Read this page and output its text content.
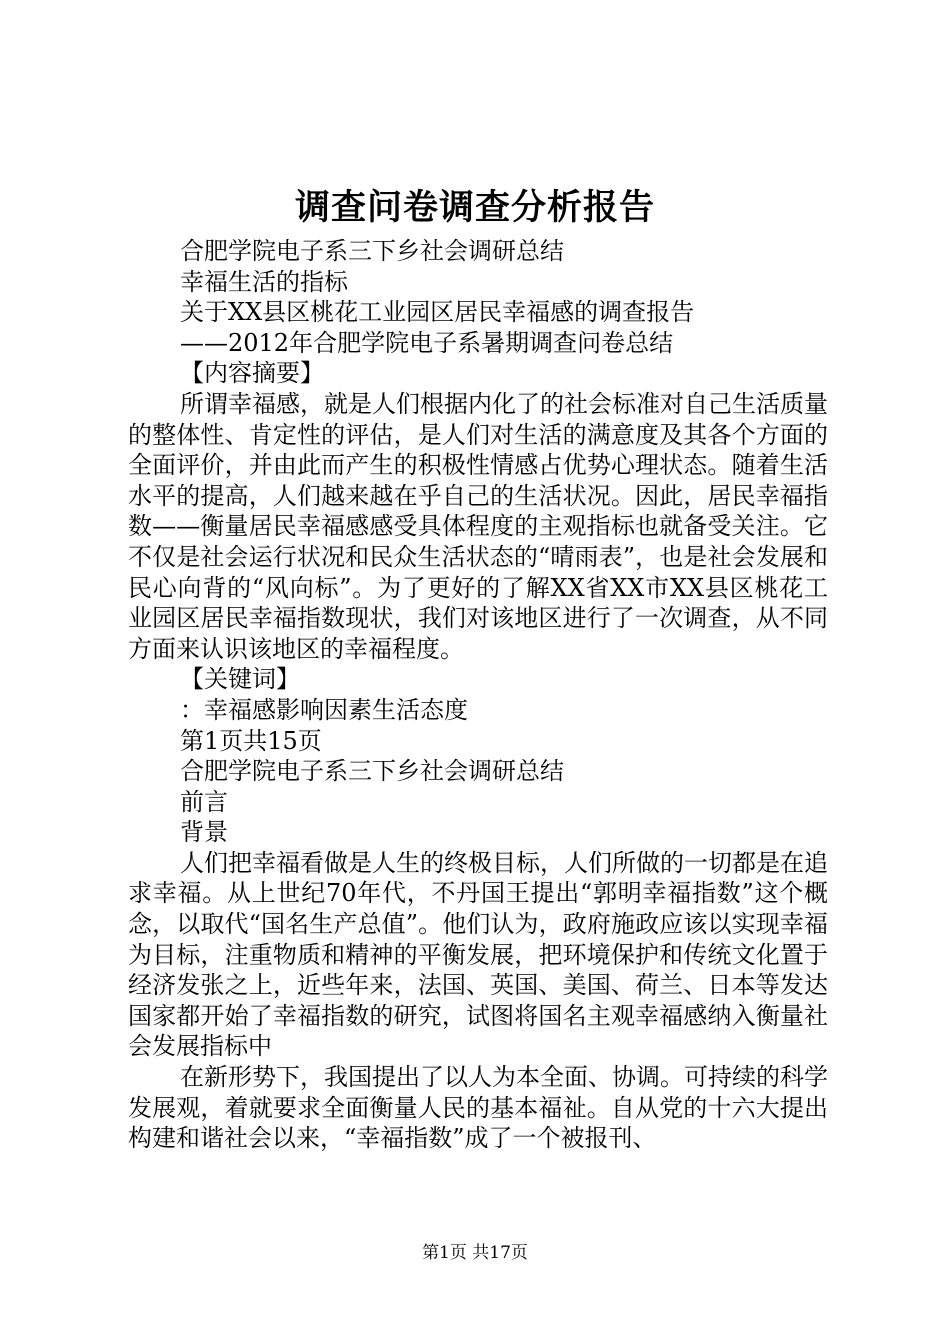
调查问卷调查分析报告

合肥学院电子系三下乡社会调研总结

幸福生活的指标

关于XX县区桃花工业园区居民幸福感的调查报告

——2012年合肥学院电子系暑期调查问卷总结

【内容摘要】

所谓幸福感，就是人们根据内化了的社会标准对自己生活质量的整体性、肯定性的评估，是人们对生活的满意度及其各个方面的全面评价，并由此而产生的积极性情感占优势心理状态。随着生活水平的提高，人们越来越在乎自己的生活状况。因此，居民幸福指数——衡量居民幸福感感受具体程度的主观指标也就备受关注。它不仅是社会运行状况和民众生活状态的“晴雨表”，也是社会发展和民心向背的“风向标”。为了更好的了解XX省XX市XX县区桃花工业园区居民幸福指数现状，我们对该地区进行了一次调查，从不同方面来认识该地区的幸福程度。

【关键词】

：幸福感影响因素生活态度

第1页共15页

合肥学院电子系三下乡社会调研总结

前言

背景

人们把幸福看做是人生的终极目标，人们所做的一切都是在追求幸福。从上世纪70年代，不丹国王提出“郭明幸福指数”这个概念，以取代“国名生产总值”。他们认为，政府施政应该以实现幸福为目标，注重物质和精神的平衡发展，把环境保护和传统文化置于经济发张之上，近些年来，法国、英国、美国、荷兰、日本等发达国家都开始了幸福指数的研究，试图将国名主观幸福感纳入衡量社会发展指标中

在新形势下，我国提出了以人为本全面、协调。可持续的科学发展观，着就要求全面衡量人民的基本福祉。自从党的十六大提出构建和谐社会以来，“幸福指数”成了一个被报刊、

第1页 共17页
